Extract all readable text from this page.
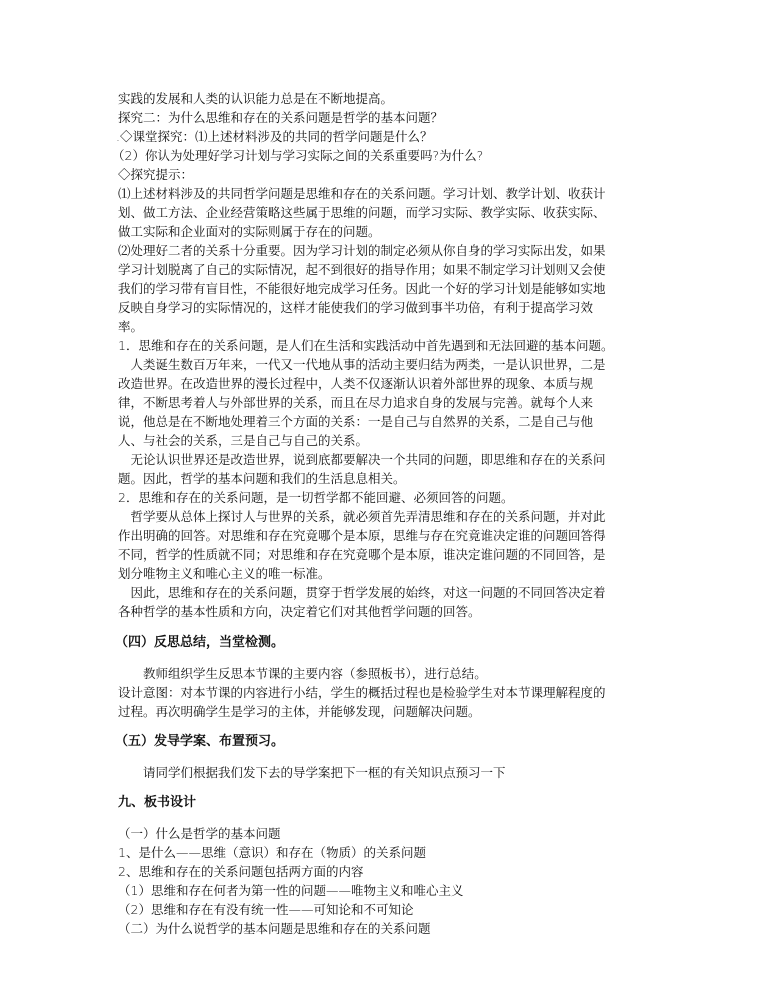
实践的发展和人类的认识能力总是在不断地提高。
探究二：为什么思维和存在的关系问题是哲学的基本问题？
.◇课堂探究：⑴上述材料涉及的共同的哲学问题是什么？
（2）你认为处理好学习计划与学习实际之间的关系重要吗?为什么?
◇探究提示：
⑴上述材料涉及的共同哲学问题是思维和存在的关系问题。学习计划、教学计划、收获计
划、做工方法、企业经营策略这些属于思维的问题，而学习实际、教学实际、收获实际、
做工实际和企业面对的实际则属于存在的问题。
⑵处理好二者的关系十分重要。因为学习计划的制定必须从你自身的学习实际出发，如果
学习计划脱离了自己的实际情况，起不到很好的指导作用；如果不制定学习计划则又会使
我们的学习带有盲目性，不能很好地完成学习任务。因此一个好的学习计划是能够如实地
反映自身学习的实际情况的，这样才能使我们的学习做到事半功倍，有利于提高学习效
率。
1．思维和存在的关系问题，是人们在生活和实践活动中首先遇到和无法回避的基本问题。
　人类诞生数百万年来，一代又一代地从事的活动主要归结为两类，一是认识世界，二是
改造世界。在改造世界的漫长过程中，人类不仅逐渐认识着外部世界的现象、本质与规
律，不断思考着人与外部世界的关系，而且在尽力追求自身的发展与完善。就每个人来
说，他总是在不断地处理着三个方面的关系：一是自己与自然界的关系，二是自己与他
人、与社会的关系，三是自己与自己的关系。
　无论认识世界还是改造世界，说到底都要解决一个共同的问题，即思维和存在的关系问
题。因此，哲学的基本问题和我们的生活息息相关。
2．思维和存在的关系问题，是一切哲学都不能回避、必须回答的问题。
　哲学要从总体上探讨人与世界的关系，就必须首先弄清思维和存在的关系问题，并对此
作出明确的回答。对思维和存在究竟哪个是本原，思维与存在究竟谁决定谁的问题回答得
不同，哲学的性质就不同；对思维和存在究竟哪个是本原，谁决定谁问题的不同回答，是
划分唯物主义和唯心主义的唯一标准。
　因此，思维和存在的关系问题，贯穿于哲学发展的始终，对这一问题的不同回答决定着
各种哲学的基本性质和方向，决定着它们对其他哲学问题的回答。
（四）反思总结，当堂检测。
　　教师组织学生反思本节课的主要内容（参照板书），进行总结。
设计意图：对本节课的内容进行小结，学生的概括过程也是检验学生对本节课理解程度的
过程。再次明确学生是学习的主体，并能够发现，问题解决问题。
（五）发导学案、布置预习。
　　请同学们根据我们发下去的导学案把下一框的有关知识点预习一下
九、板书设计
（一）什么是哲学的基本问题
1、是什么——思维（意识）和存在（物质）的关系问题
2、思维和存在的关系问题包括两方面的内容
（1）思维和存在何者为第一性的问题——唯物主义和唯心主义
（2）思维和存在有没有统一性——可知论和不可知论
（二）为什么说哲学的基本问题是思维和存在的关系问题
